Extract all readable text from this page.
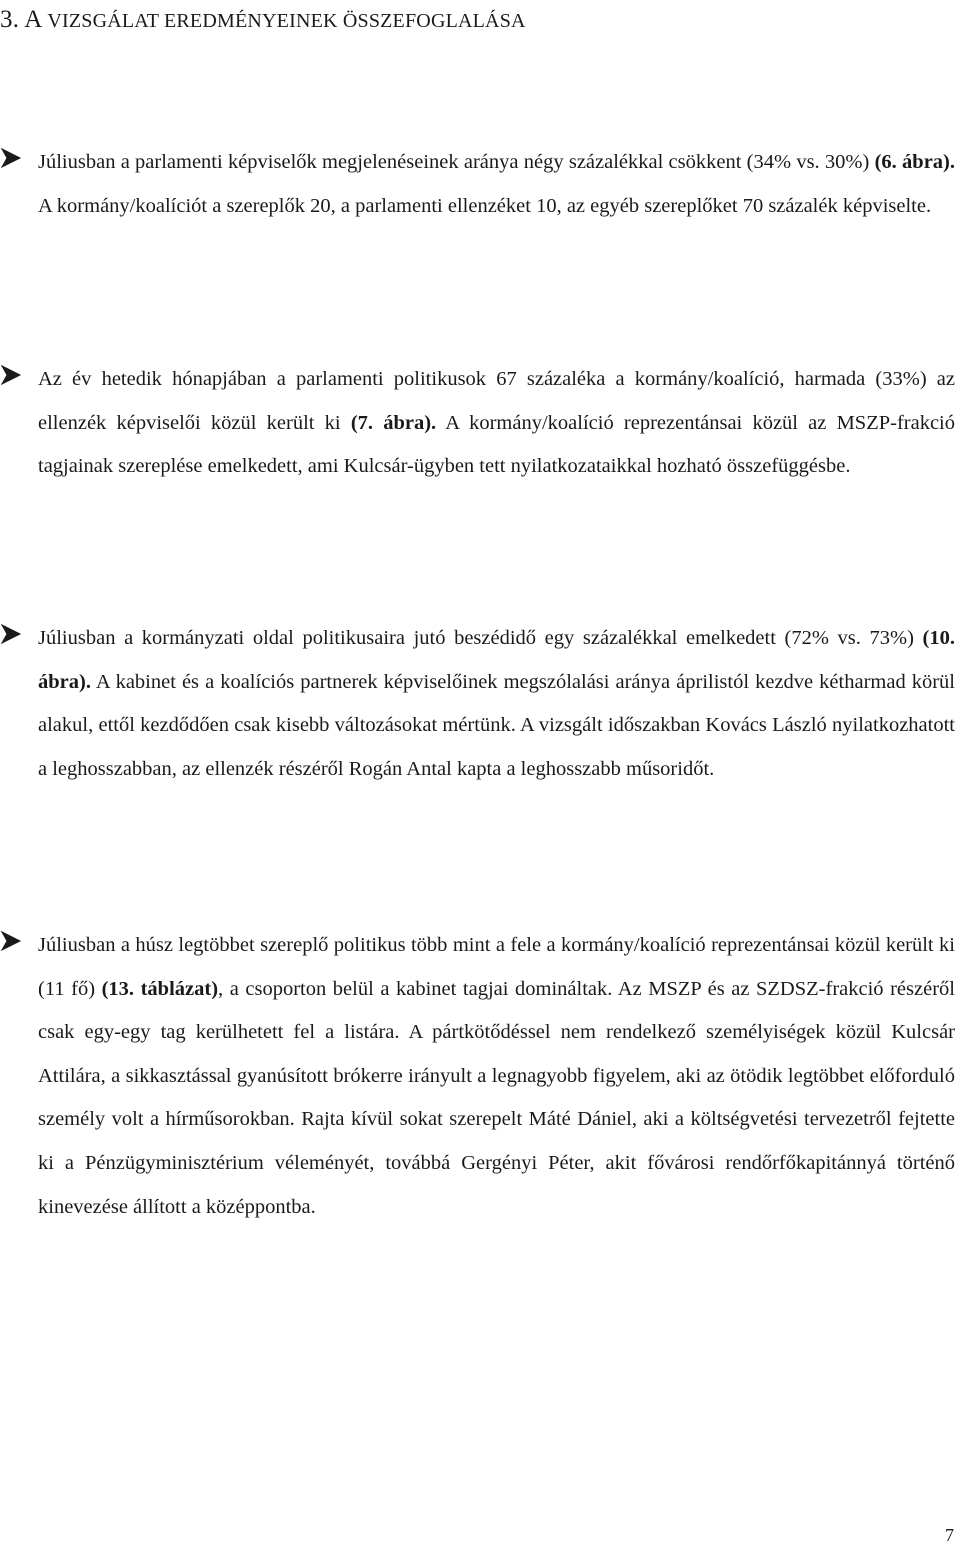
3. A VIZSGÁLAT EREDMÉNYEINEK ÖSSZEFOGLALÁSA

Júliusban a parlamenti képviselők megjelenéseinek aránya négy százalékkal csökkent (34% vs. 30%) (6. ábra). A kormány/koalíciót a szereplők 20, a parlamenti ellenzéket 10, az egyéb szereplőket 70 százalék képviselte.

Az év hetedik hónapjában a parlamenti politikusok 67 százaléka a kormány/koalíció, harmada (33%) az ellenzék képviselői közül került ki (7. ábra). A kormány/koalíció reprezentánsai közül az MSZP-frakció tagjainak szereplése emelkedett, ami Kulcsár-ügyben tett nyilatkozataikkal hozható összefüggésbe.

Júliusban a kormányzati oldal politikusaira jutó beszédidő egy százalékkal emelkedett (72% vs. 73%) (10. ábra). A kabinet és a koalíciós partnerek képviselőinek megszólalási aránya áprilistól kezdve kétharmad körül alakul, ettől kezdődően csak kisebb változásokat mértünk. A vizsgált időszakban Kovács László nyilatkozhatott a leghosszabban, az ellenzék részéről Rogán Antal kapta a leghosszabb műsoridőt.

Júliusban a húsz legtöbbet szereplő politikus több mint a fele a kormány/koalíció reprezentánsai közül került ki (11 fő) (13. táblázat), a csoporton belül a kabinet tagjai domináltak. Az MSZP és az SZDSZ-frakció részéről csak egy-egy tag kerülhetett fel a listára. A pártkötődéssel nem rendelkező személyiségek közül Kulcsár Attilára, a sikkasztással gyanúsított brókerre irányult a legnagyobb figyelem, aki az ötödik legtöbbet előforduló személy volt a hírműsorokban. Rajta kívül sokat szerepelt Máté Dániel, aki a költségvetési tervezetről fejtette ki a Pénzügyminisztérium véleményét, továbbá Gergényi Péter, akit fővárosi rendőrfőkapitánnyá történő kinevezése állított a középpontba.

7
